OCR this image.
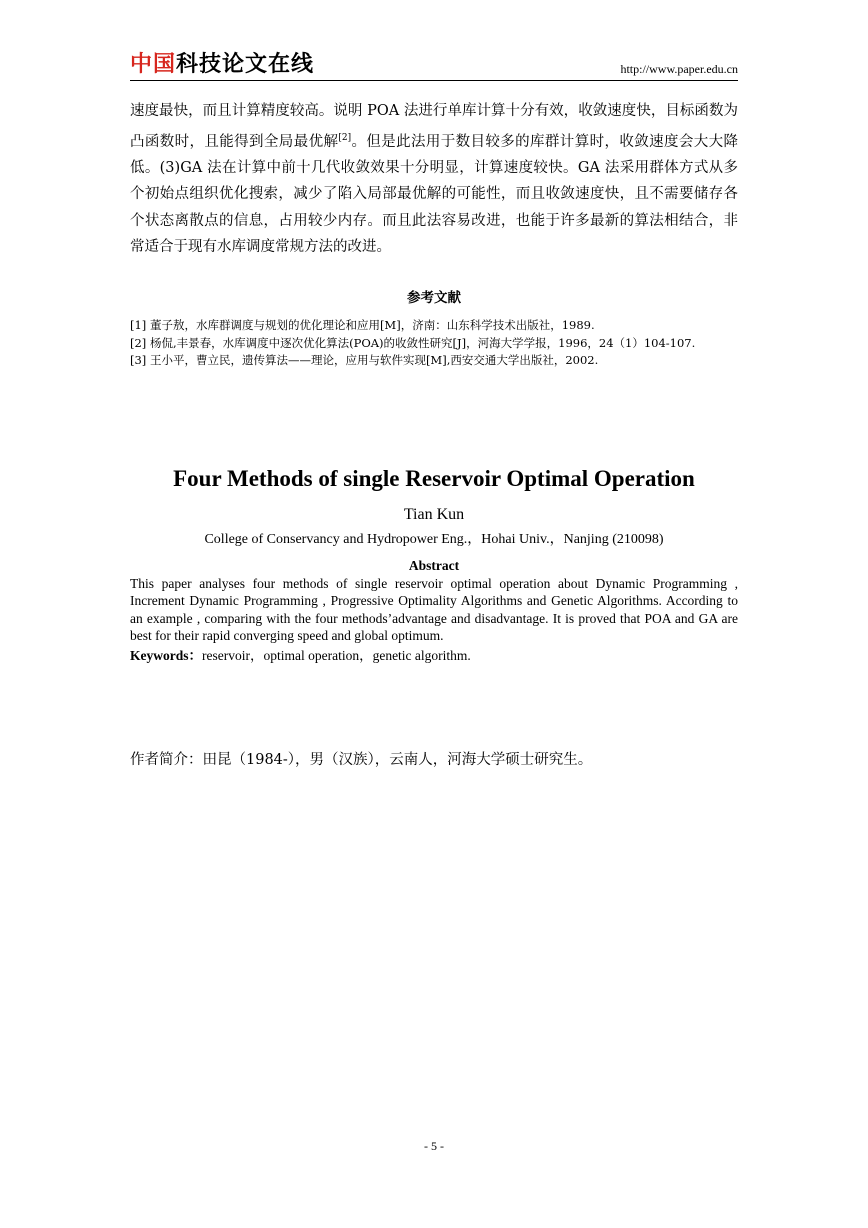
中国科技论文在线	http://www.paper.edu.cn

速度最快，而且计算精度较高。说明 POA 法进行单库计算十分有效，收敛速度快，目标函数为凸函数时，且能得到全局最优解[2]。但是此法用于数目较多的库群计算时，收敛速度会大大降低。(3)GA 法在计算中前十几代收敛效果十分明显，计算速度较快。GA 法采用群体方式从多个初始点组织优化搜索，减少了陷入局部最优解的可能性，而且收敛速度快，且不需要储存各个状态离散点的信息，占用较少内存。而且此法容易改进，也能于许多最新的算法相结合，非常适合于现有水库调度常规方法的改进。

参考文献
[1] 董子敖，水库群调度与规划的优化理论和应用[M]，济南：山东科学技术出版社，1989.
[2] 杨侃,丰景春，水库调度中逐次优化算法(POA)的收敛性研究[J]，河海大学学报，1996，24（1）104-107.
[3] 王小平，曹立民，遗传算法——理论，应用与软件实现[M],西安交通大学出版社，2002.
Four Methods of single Reservoir Optimal Operation
Tian Kun
College of Conservancy and Hydropower Eng.，Hohai Univ.，Nanjing (210098)
Abstract
This paper analyses four methods of single reservoir optimal operation about Dynamic Programming , Increment Dynamic Programming , Progressive Optimality Algorithms and Genetic Algorithms. According to an example , comparing with the four methods’advantage and disadvantage. It is proved that POA and GA are best for their rapid converging speed and global optimum.
Keywords：reservoir，optimal operation，genetic algorithm.
作者简介：田昆（1984-），男（汉族），云南人，河海大学硕士研究生。
- 5 -
